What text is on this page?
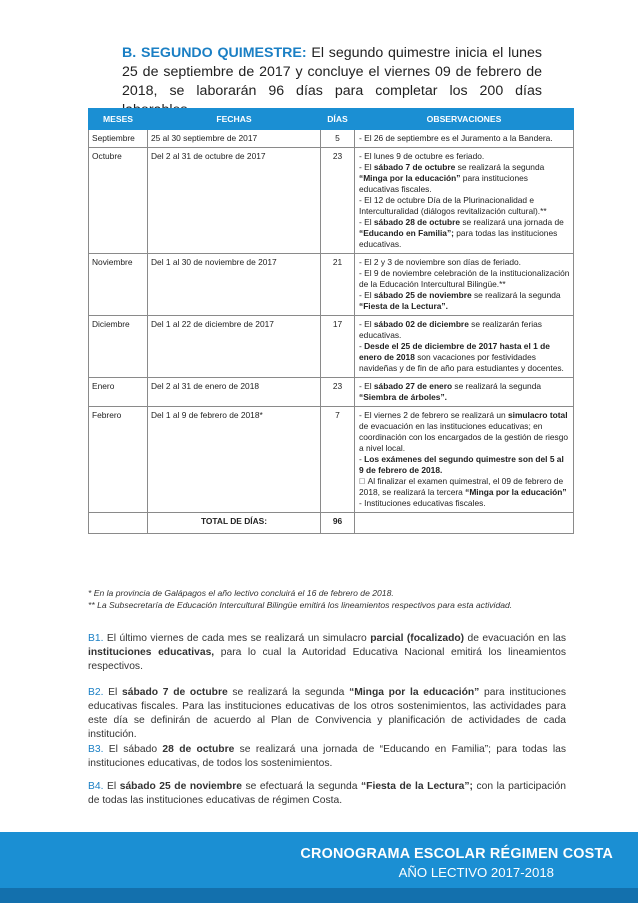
B. SEGUNDO QUIMESTRE: El segundo quimestre inicia el lunes 25 de septiembre de 2017 y concluye el viernes 09 de febrero de 2018, se laborarán 96 días para completar los 200 días
MESES	FECHAS	DÍAS	OBSERVACIONES
Septiembre	25 al 30 septiembre de 2017	5	- El 26 de septiembre es el Juramento a la Bandera.

Octubre	Del 2 al 31 de octubre de 2017	23	- El lunes 9 de octubre es feriado.
- El sábado 7 de octubre se realizará la segunda “Minga por la educación” para instituciones educativas fiscales.
- El 12 de octubre Día de la Plurinacionalidad e Interculturalidad (diálogos revitalización cultural).**
- El sábado 28 de octubre se realizará una jornada de “Educando en Familia”; para todas las instituciones educativas.

Noviembre	Del 1 al 30 de noviembre de 2017	21	- El 2 y 3 de noviembre son días de feriado.
- El 9 de noviembre celebración de la institucionalización de la Educación Intercultural Bilingüe.**
- El sábado 25 de noviembre se realizará la segunda “Fiesta de la Lectura”.

Diciembre	Del 1 al 22 de diciembre de 2017	17	- El sábado 02 de diciembre se realizarán ferias educativas.
- Desde el 25 de diciembre de 2017 hasta el 1 de enero de 2018 son vacaciones por festividades navideñas y de fin de año para estudiantes y docentes.

Enero	Del 2 al 31 de enero de 2018	23	- El sábado 27 de enero se realizará la segunda “Siembra de árboles”.

Febrero	Del 1 al 9 de febrero de 2018*	7	- El viernes 2 de febrero se realizará un simulacro total de evacuación en las instituciones educativas; en coordinación con los encargados de la gestión de riesgo a nivel local.
- Los exámenes del segundo quimestre son del 5 al 9 de febrero de 2018.
􀀀 Al finalizar el examen quimestral, el 09 de febrero de 2018, se realizará la tercera “Minga por la educación” - Instituciones educativas fiscales.

	TOTAL DE DÍAS:	96	
* En la provincia de Galápagos el año lectivo concluirá el 16 de febrero de 2018.
** La Subsecretaría de Educación Intercultural Bilingüe emitirá los lineamientos respectivos para esta actividad.
B1. El último viernes de cada mes se realizará un simulacro parcial (focalizado) de evacuación en las instituciones educativas, para lo cual la Autoridad Educativa Nacional emitirá los lineamientos respectivos.
B2. El sábado 7 de octubre se realizará la segunda “Minga por la educación” para instituciones educativas fiscales. Para las instituciones educativas de los otros sostenimientos, las actividades para este día se definirán de acuerdo al Plan de Convivencia y planificación de actividades de cada institución.
B3. El sábado 28 de octubre se realizará una jornada de “Educando en Familia”; para todas las instituciones educativas, de todos los sostenimientos.
B4. El sábado 25 de noviembre se efectuará la segunda “Fiesta de la Lectura”; con la participación de todas las instituciones educativas de régimen Costa.
CRONOGRAMA ESCOLAR RÉGIMEN COSTA
AÑO LECTIVO 2017-2018
